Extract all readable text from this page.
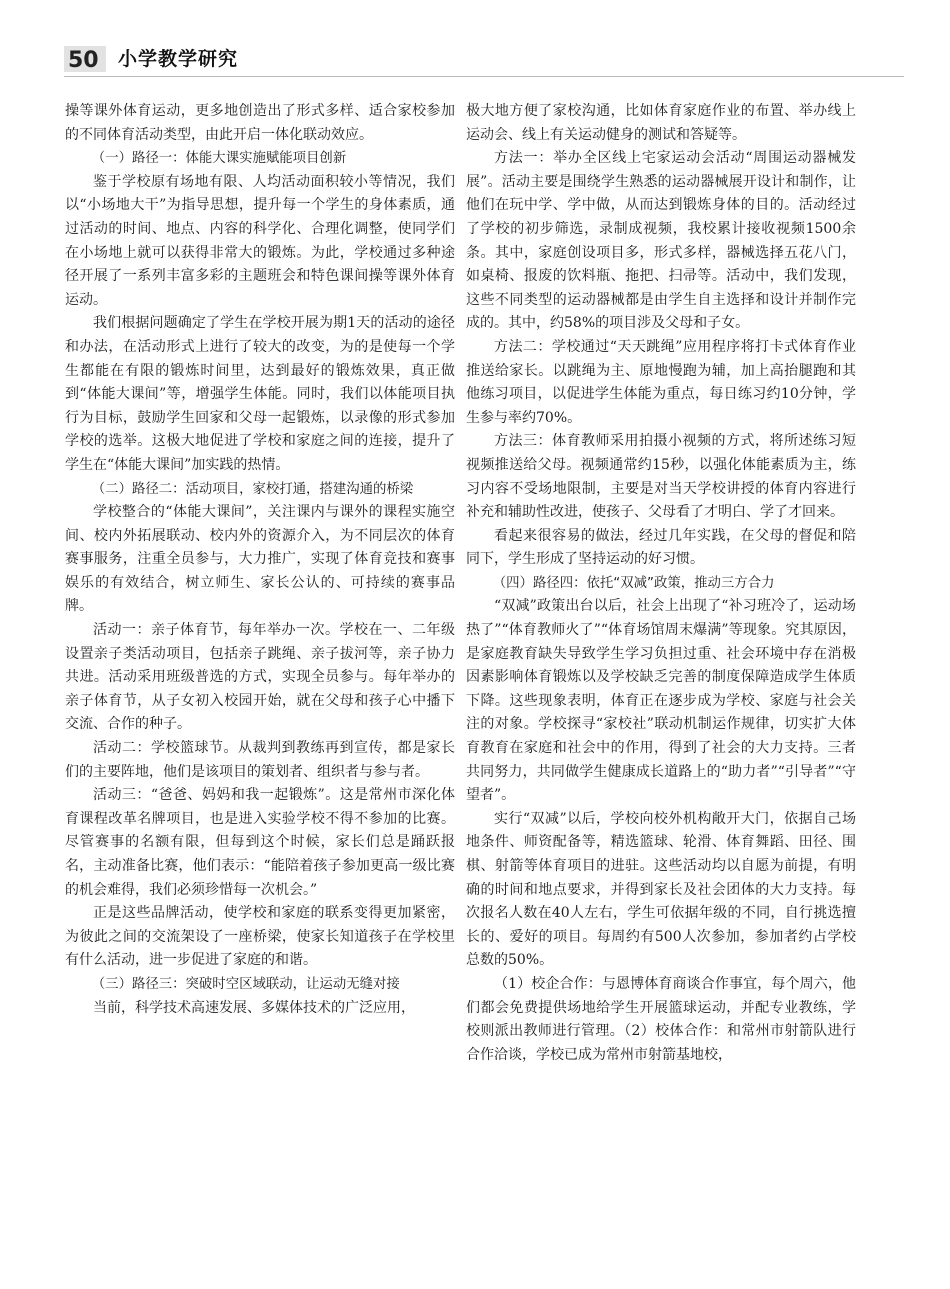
50 小学教学研究

操等课外体育运动，更多地创造出了形式多样、适合家校参加的不同体育活动类型，由此开启一体化联动效应。

（一）路径一：体能大课实施赋能项目创新

鉴于学校原有场地有限、人均活动面积较小等情况，我们以“小场地大干”为指导思想，提升每一个学生的身体素质，通过活动的时间、地点、内容的科学化、合理化调整，使同学们在小场地上就可以获得非常大的锻炼。为此，学校通过多种途径开展了一系列丰富多彩的主题班会和特色课间操等课外体育运动。

我们根据问题确定了学生在学校开展为期1天的活动的途径和办法，在活动形式上进行了较大的改变，为的是使每一个学生都能在有限的锻炼时间里，达到最好的锻炼效果，真正做到“体能大课间”等，增强学生体能。同时，我们以体能项目执行为目标，鼓励学生回家和父母一起锻炼，以录像的形式参加学校的选举。这极大地促进了学校和家庭之间的连接，提升了学生在“体能大课间”加实践的热情。

（二）路径二：活动项目，家校打通，搭建沟通的桥梁

学校整合的“体能大课间”，关注课内与课外的课程实施空间、校内外拓展联动、校内外的资源介入，为不同层次的体育赛事服务，注重全员参与，大力推广，实现了体育竞技和赛事娱乐的有效结合，树立师生、家长公认的、可持续的赛事品牌。

活动一：亲子体育节，每年举办一次。学校在一、二年级设置亲子类活动项目，包括亲子跳绳、亲子拔河等，亲子协力共进。活动采用班级普选的方式，实现全员参与。每年举办的亲子体育节，从子女初入校园开始，就在父母和孩子心中播下交流、合作的种子。

活动二：学校篮球节。从裁判到教练再到宣传，都是家长们的主要阵地，他们是该项目的策划者、组织者与参与者。

活动三：“爸爸、妈妈和我一起锻炼”。这是常州市深化体育课程改革名牌项目，也是进入实验学校不得不参加的比赛。尽管赛事的名额有限，但每到这个时候，家长们总是踊跃报名，主动准备比赛，他们表示：“能陪着孩子参加更高一级比赛的机会难得，我们必须珍惜每一次机会。”

正是这些品牌活动，使学校和家庭的联系变得更加紧密，为彼此之间的交流架设了一座桥梁，使家长知道孩子在学校里有什么活动，进一步促进了家庭的和谐。

（三）路径三：突破时空区域联动，让运动无缝对接

当前，科学技术高速发展、多媒体技术的广泛应用，

极大地方便了家校沟通，比如体育家庭作业的布置、举办线上运动会、线上有关运动健身的测试和答疑等。

方法一：举办全区线上宅家运动会活动“周围运动器械发展”。活动主要是围绕学生熟悉的运动器械展开设计和制作，让他们在玩中学、学中做，从而达到锻炼身体的目的。活动经过了学校的初步筛选，录制成视频，我校累计接收视频1500余条。其中，家庭创设项目多，形式多样，器械选择五花八门，如桌椅、报废的饮料瓶、拖把、扫帚等。活动中，我们发现，这些不同类型的运动器械都是由学生自主选择和设计并制作完成的。其中，约58%的项目涉及父母和子女。

方法二：学校通过“天天跳绳”应用程序将打卡式体育作业推送给家长。以跳绳为主、原地慢跑为辅，加上高抬腿跑和其他练习项目，以促进学生体能为重点，每日练习约10分钟，学生参与率约70%。

方法三：体育教师采用拍摄小视频的方式，将所述练习短视频推送给父母。视频通常约15秒，以强化体能素质为主，练习内容不受场地限制，主要是对当天学校讲授的体育内容进行补充和辅助性改进，使孩子、父母看了才明白、学了才回来。

看起来很容易的做法，经过几年实践，在父母的督促和陪同下，学生形成了坚持运动的好习惯。

（四）路径四：依托“双减”政策，推动三方合力

“双减”政策出台以后，社会上出现了“补习班冷了，运动场热了”“体育教师火了”“体育场馆周末爆满”等现象。究其原因，是家庭教育缺失导致学生学习负担过重、社会环境中存在消极因素影响体育锻炼以及学校缺乏完善的制度保障造成学生体质下降。这些现象表明，体育正在逐步成为学校、家庭与社会关注的对象。学校探寻“家校社”联动机制运作规律，切实扩大体育教育在家庭和社会中的作用，得到了社会的大力支持。三者共同努力，共同做学生健康成长道路上的“助力者”“引导者”“守望者”。

实行“双减”以后，学校向校外机构敞开大门，依据自己场地条件、师资配备等，精选篮球、轮滑、体育舞蹈、田径、围棋、射箭等体育项目的进驻。这些活动均以自愿为前提，有明确的时间和地点要求，并得到家长及社会团体的大力支持。每次报名人数在40人左右，学生可依据年级的不同，自行挑选擅长的、爱好的项目。每周约有500人次参加，参加者约占学校总数的50%。

（1）校企合作：与恩博体育商谈合作事宜，每个周六，他们都会免费提供场地给学生开展篮球运动，并配专业教练，学校则派出教师进行管理。（2）校体合作：和常州市射箭队进行合作洽谈，学校已成为常州市射箭基地校，
